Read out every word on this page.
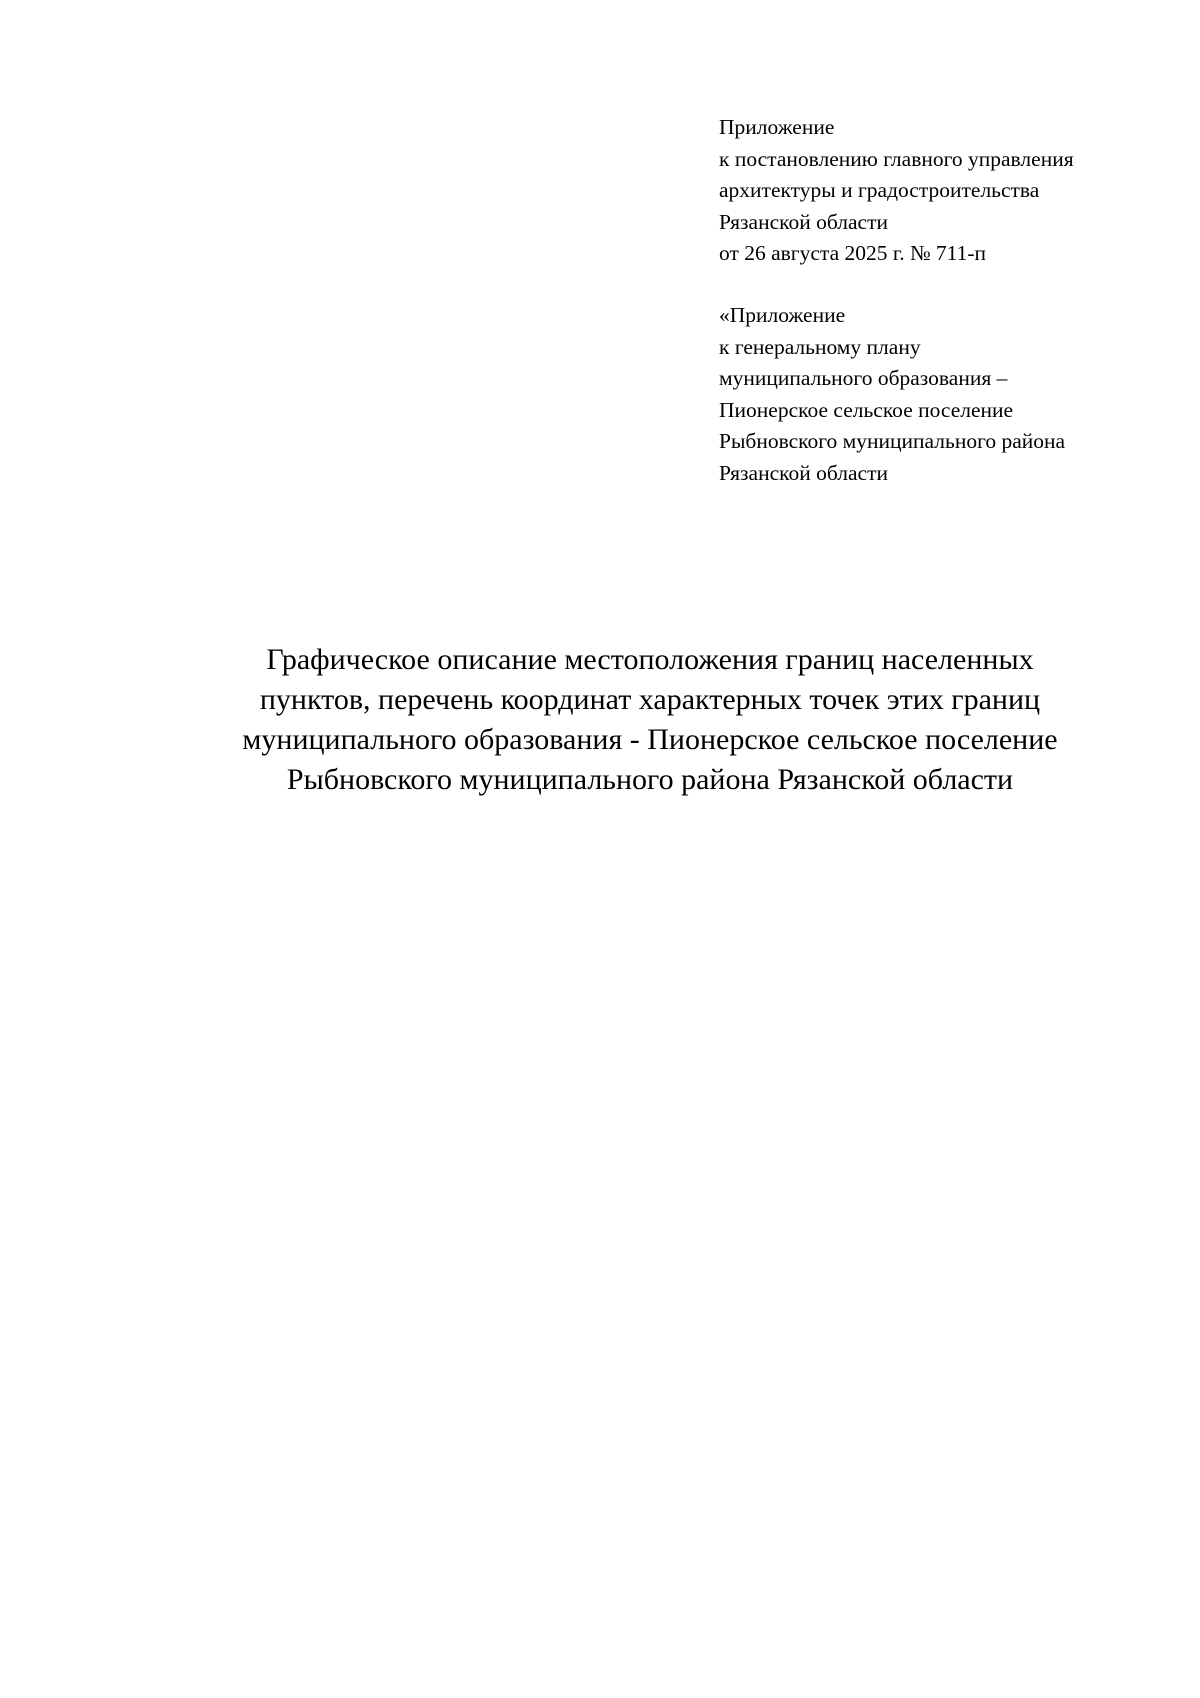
Приложение
к постановлению главного управления
архитектуры и градостроительства
Рязанской области
от 26 августа 2025 г. № 711-п
«Приложение
к генеральному плану
муниципального образования –
Пионерское сельское поселение
Рыбновского муниципального района
Рязанской области
Графическое описание местоположения границ населенных
пунктов, перечень координат характерных точек этих границ
муниципального образования - Пионерское сельское поселение
Рыбновского муниципального района Рязанской области
